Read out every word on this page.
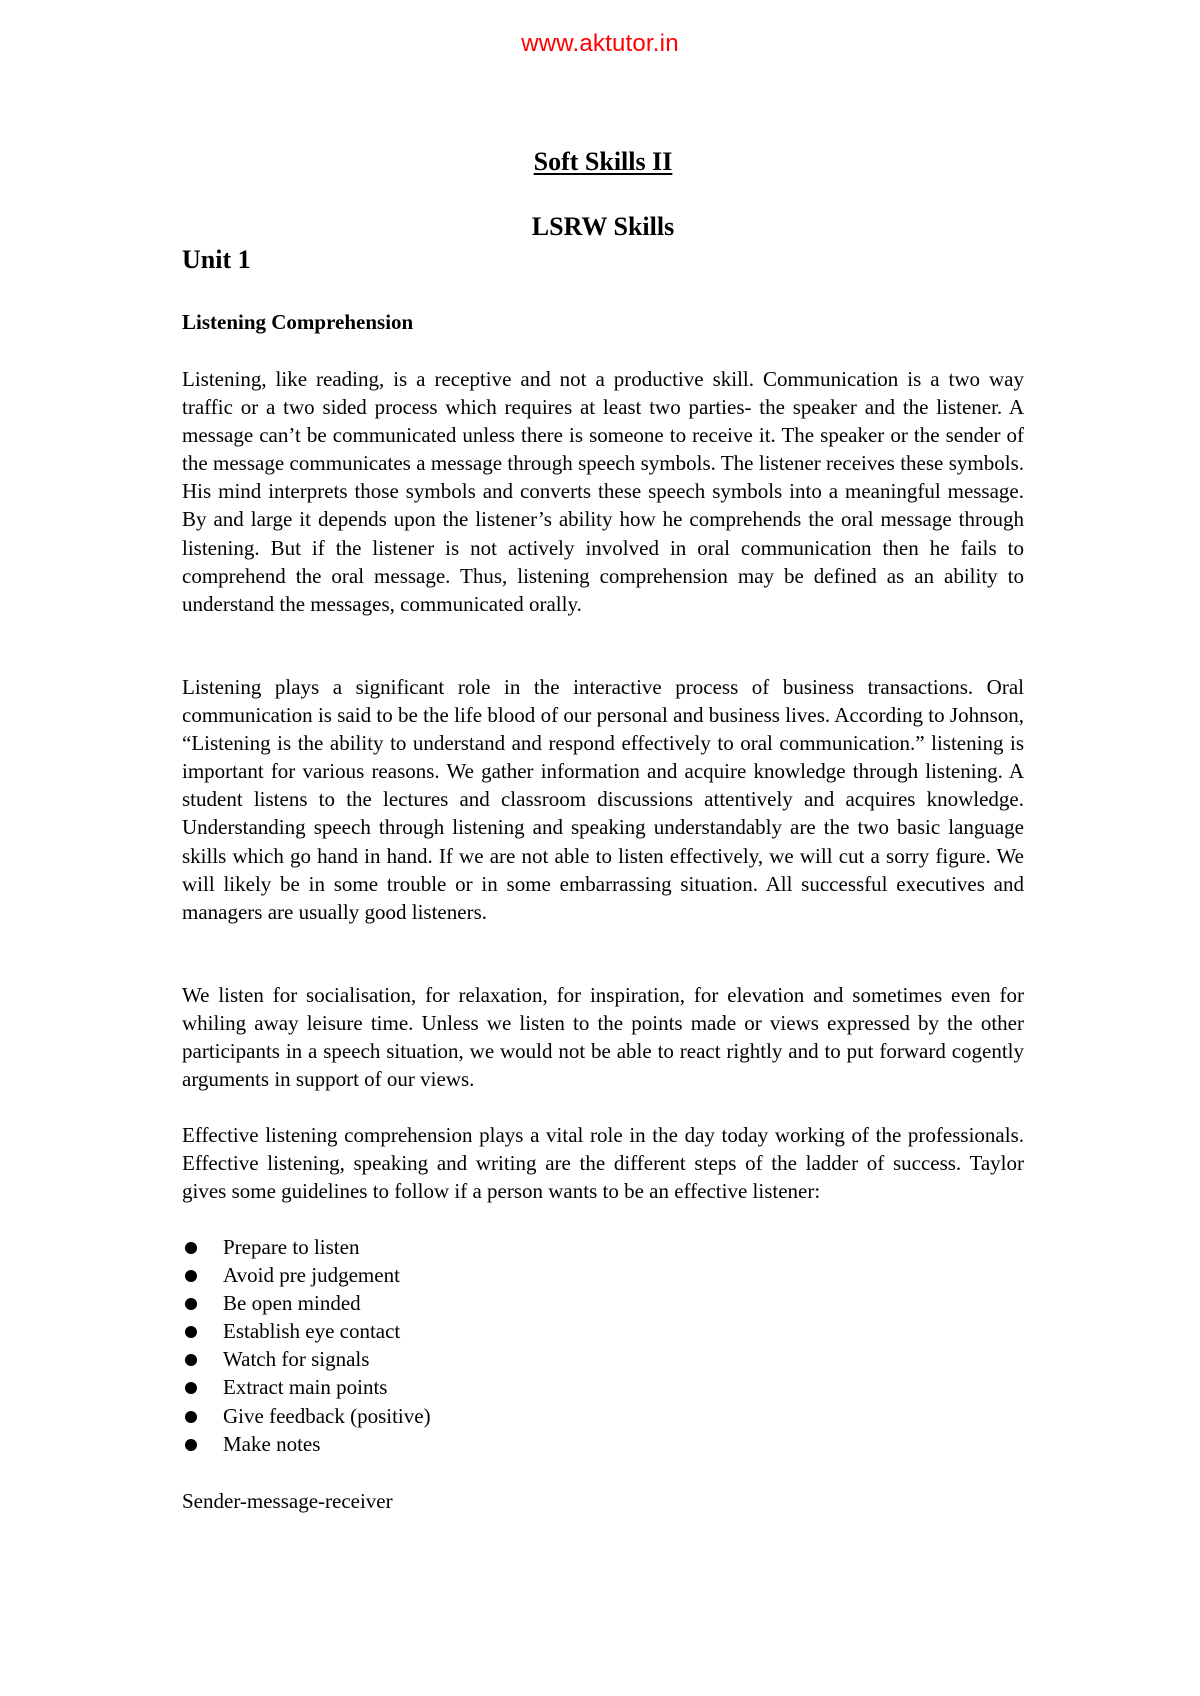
www.aktutor.in
Soft Skills II
LSRW Skills
Unit 1
Listening Comprehension

Listening, like reading, is a receptive and not a productive skill. Communication is a two way traffic or a two sided process which requires at least two parties- the speaker and the listener. A message can’t be communicated unless there is someone to receive it. The speaker or the sender of the message communicates a message through speech symbols. The listener receives these symbols. His mind interprets those symbols and converts these speech symbols into a meaningful message. By and large it depends upon the listener’s ability how he comprehends the oral message through listening. But if the listener is not actively involved in oral communication then he fails to comprehend the oral message. Thus, listening comprehension may be defined as an ability to understand the messages, communicated orally.

Listening plays a significant role in the interactive process of business transactions. Oral communication is said to be the life blood of our personal and business lives. According to Johnson, “Listening is the ability to understand and respond effectively to oral communication.” listening is important for various reasons. We gather information and acquire knowledge through listening. A student listens to the lectures and classroom discussions attentively and acquires knowledge. Understanding speech through listening and speaking understandably are the two basic language skills which go hand in hand. If we are not able to listen effectively, we will cut a sorry figure. We will likely be in some trouble or in some embarrassing situation. All successful executives and managers are usually good listeners.

We listen for socialisation, for relaxation, for inspiration, for elevation and sometimes even for whiling away leisure time. Unless we listen to the points made or views expressed by the other participants in a speech situation, we would not be able to react rightly and to put forward cogently arguments in support of our views.

Effective listening comprehension plays a vital role in the day today working of the professionals. Effective listening, speaking and writing are the different steps of the ladder of success. Taylor gives some guidelines to follow if a person wants to be an effective listener:

Prepare to listen
Avoid pre judgement
Be open minded
Establish eye contact
Watch for signals
Extract main points
Give feedback (positive)
Make notes
Sender-message-receiver
